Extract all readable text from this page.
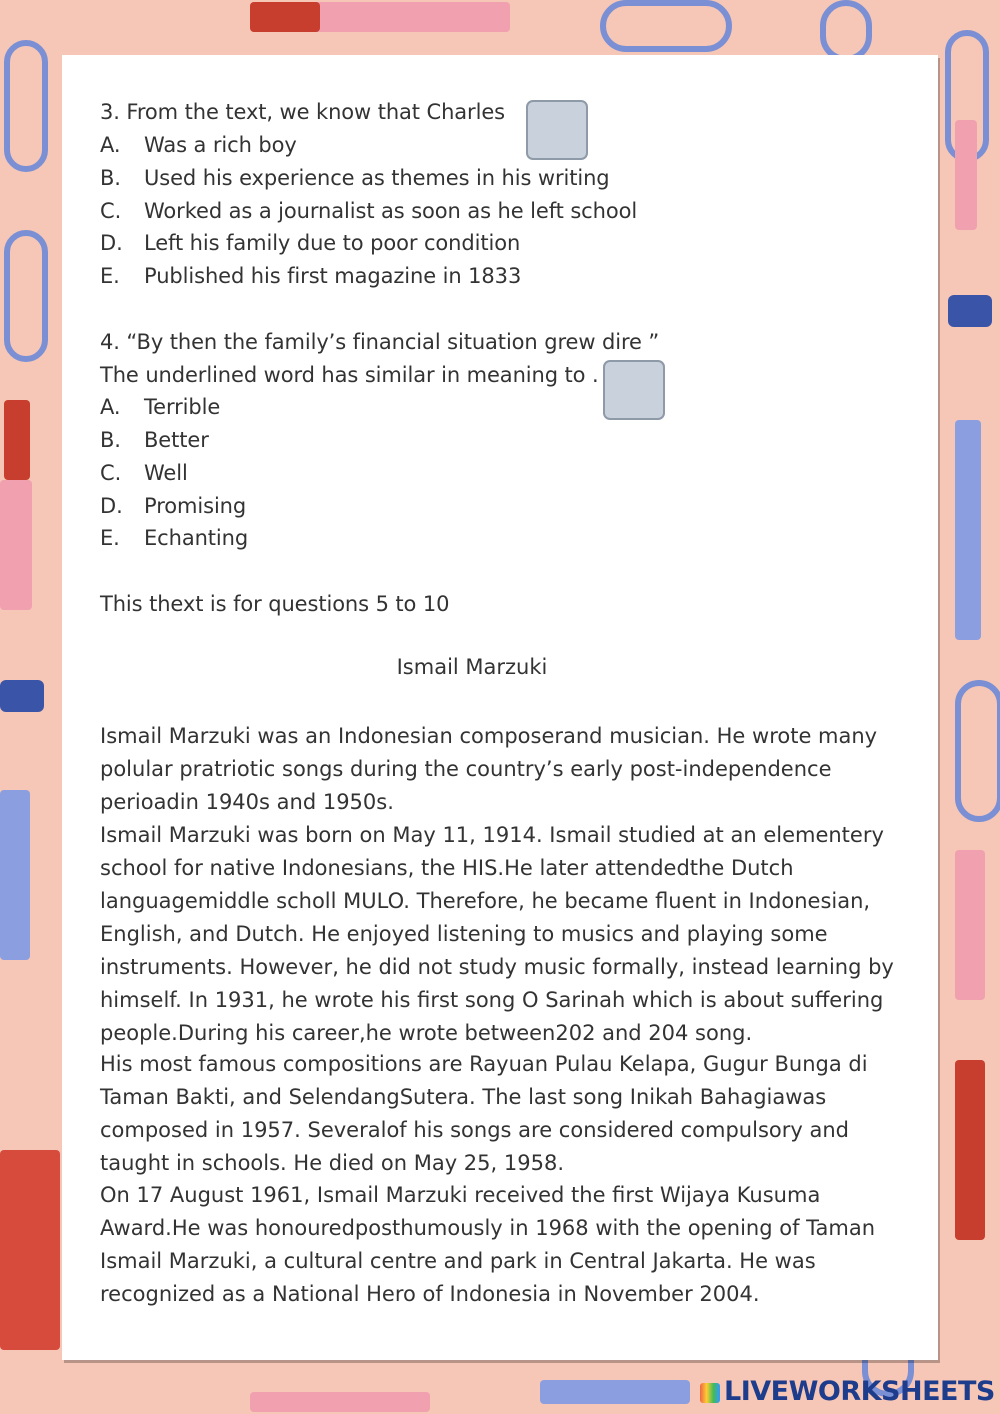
3. From the text, we know that Charles
A. Was a rich boy
B. Used his experience as themes in his writing
C. Worked as a journalist as soon as he left school
D. Left his family due to poor condition
E. Published his first magazine in 1833
4. “By then the family’s financial situation grew dire ”
The underlined word has similar in meaning to .
A. Terrible
B. Better
C. Well
D. Promising
E. Echanting
This thext is for questions 5 to 10
Ismail Marzuki
Ismail Marzuki was an Indonesian composerand musician. He wrote many
polular pratriotic songs during the country’s early post-independence
perioadin 1940s and 1950s.
Ismail Marzuki was born on May 11, 1914. Ismail studied at an elementery
school for native Indonesians, the HIS.He later attendedthe Dutch
languagemiddle scholl MULO. Therefore, he became fluent in Indonesian,
English, and Dutch. He enjoyed listening to musics and playing some
instruments. However, he did not study music formally, instead learning by
himself. In 1931, he wrote his first song O Sarinah which is about suffering
people.During his career,he wrote between202 and 204 song.
His most famous compositions are Rayuan Pulau Kelapa, Gugur Bunga di
Taman Bakti, and SelendangSutera. The last song Inikah Bahagiawas
composed in 1957. Severalof his songs are considered compulsory and
taught in schools. He died on May 25, 1958.
On 17 August 1961, Ismail Marzuki received the first Wijaya Kusuma
Award.He was honouredposthumously in 1968 with the opening of Taman
Ismail Marzuki, a cultural centre and park in Central Jakarta. He was
recognized as a National Hero of Indonesia in November 2004.
LIVEWORKSHEETS
